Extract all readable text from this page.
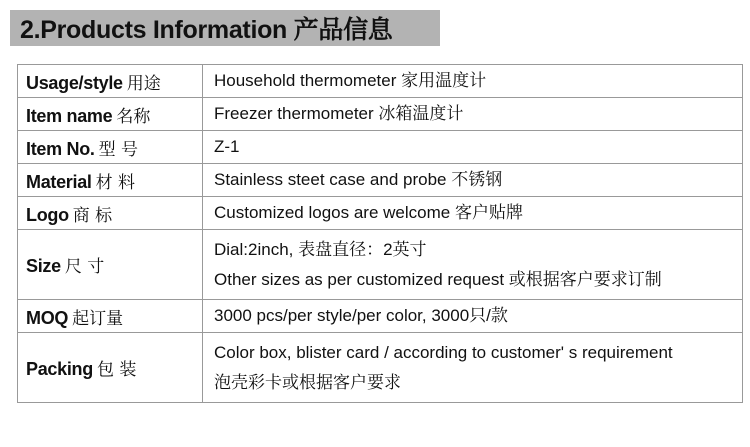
2.Products Information 产品信息
Usage/style 用途	Household thermometer 家用温度计

Item name 名称	Freezer thermometer 冰箱温度计

Item No. 型 号	Z-1

Material 材 料	Stainless steet case and probe 不锈钢

Logo 商 标	Customized logos are welcome 客户贴牌

Size 尺 寸	Dial:2inch, 表盘直径：2英寸
Other sizes as per customized request 或根据客户要求订制

MOQ 起订量	3000 pcs/per style/per color, 3000只/款

Packing 包 装	Color box, blister card / according to customer' s requirement
泡壳彩卡或根据客户要求
